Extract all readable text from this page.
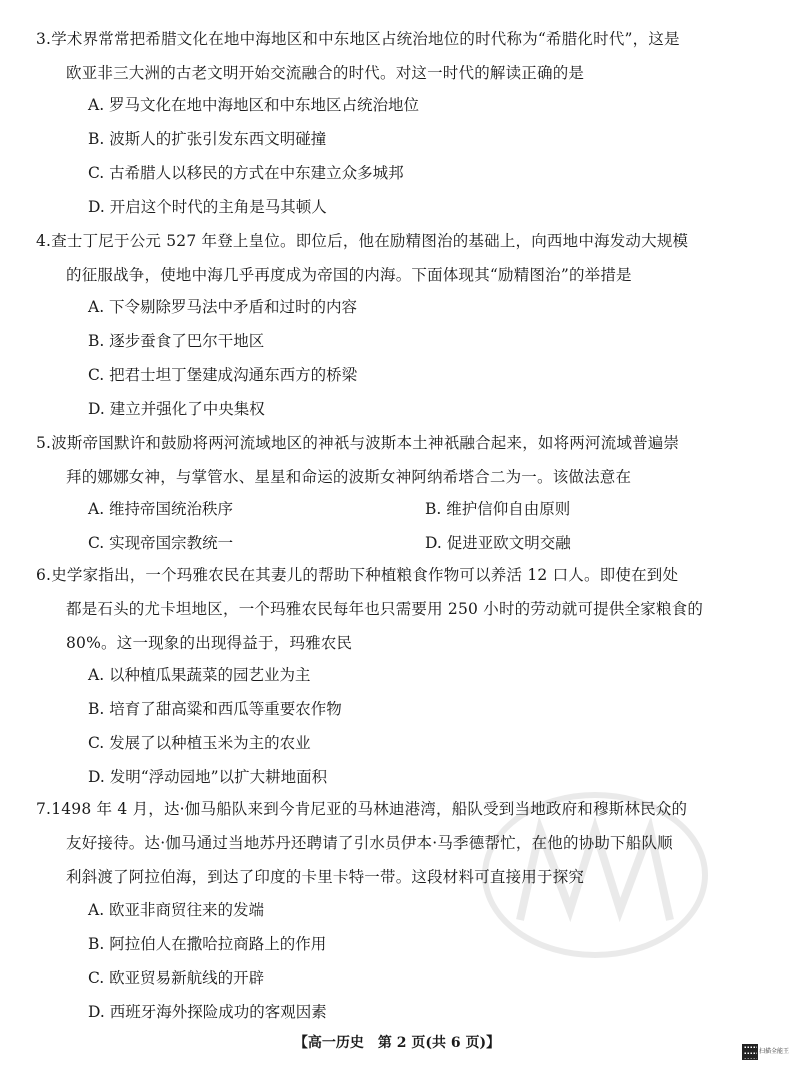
3.学术界常常把希腊文化在地中海地区和中东地区占统治地位的时代称为“希腊化时代”，这是

欧亚非三大洲的古老文明开始交流融合的时代。对这一时代的解读正确的是

A. 罗马文化在地中海地区和中东地区占统治地位
B. 波斯人的扩张引发东西文明碰撞
C. 古希腊人以移民的方式在中东建立众多城邦
D. 开启这个时代的主角是马其顿人

4.查士丁尼于公元 527 年登上皇位。即位后，他在励精图治的基础上，向西地中海发动大规模

的征服战争，使地中海几乎再度成为帝国的内海。下面体现其“励精图治”的举措是

A. 下令剔除罗马法中矛盾和过时的内容
B. 逐步蚕食了巴尔干地区
C. 把君士坦丁堡建成沟通东西方的桥梁
D. 建立并强化了中央集权

5.波斯帝国默许和鼓励将两河流域地区的神祇与波斯本土神祇融合起来，如将两河流域普遍崇

拜的娜娜女神，与掌管水、星星和命运的波斯女神阿纳希塔合二为一。该做法意在

A. 维持帝国统治秩序	B. 维护信仰自由原则
C. 实现帝国宗教统一	D. 促进亚欧文明交融

6.史学家指出，一个玛雅农民在其妻儿的帮助下种植粮食作物可以养活 12 口人。即使在到处

都是石头的尤卡坦地区，一个玛雅农民每年也只需要用 250 小时的劳动就可提供全家粮食的

80%。这一现象的出现得益于，玛雅农民

A. 以种植瓜果蔬菜的园艺业为主
B. 培育了甜高粱和西瓜等重要农作物
C. 发展了以种植玉米为主的农业
D. 发明“浮动园地”以扩大耕地面积

7.1498 年 4 月，达·伽马船队来到今肯尼亚的马林迪港湾，船队受到当地政府和穆斯林民众的

友好接待。达·伽马通过当地苏丹还聘请了引水员伊本·马季德帮忙，在他的协助下船队顺

利斜渡了阿拉伯海，到达了印度的卡里卡特一带。这段材料可直接用于探究

A. 欧亚非商贸往来的发端
B. 阿拉伯人在撒哈拉商路上的作用
C. 欧亚贸易新航线的开辟
D. 西班牙海外探险成功的客观因素
【高一历史　第 2 页(共 6 页)】
扫描全能王
